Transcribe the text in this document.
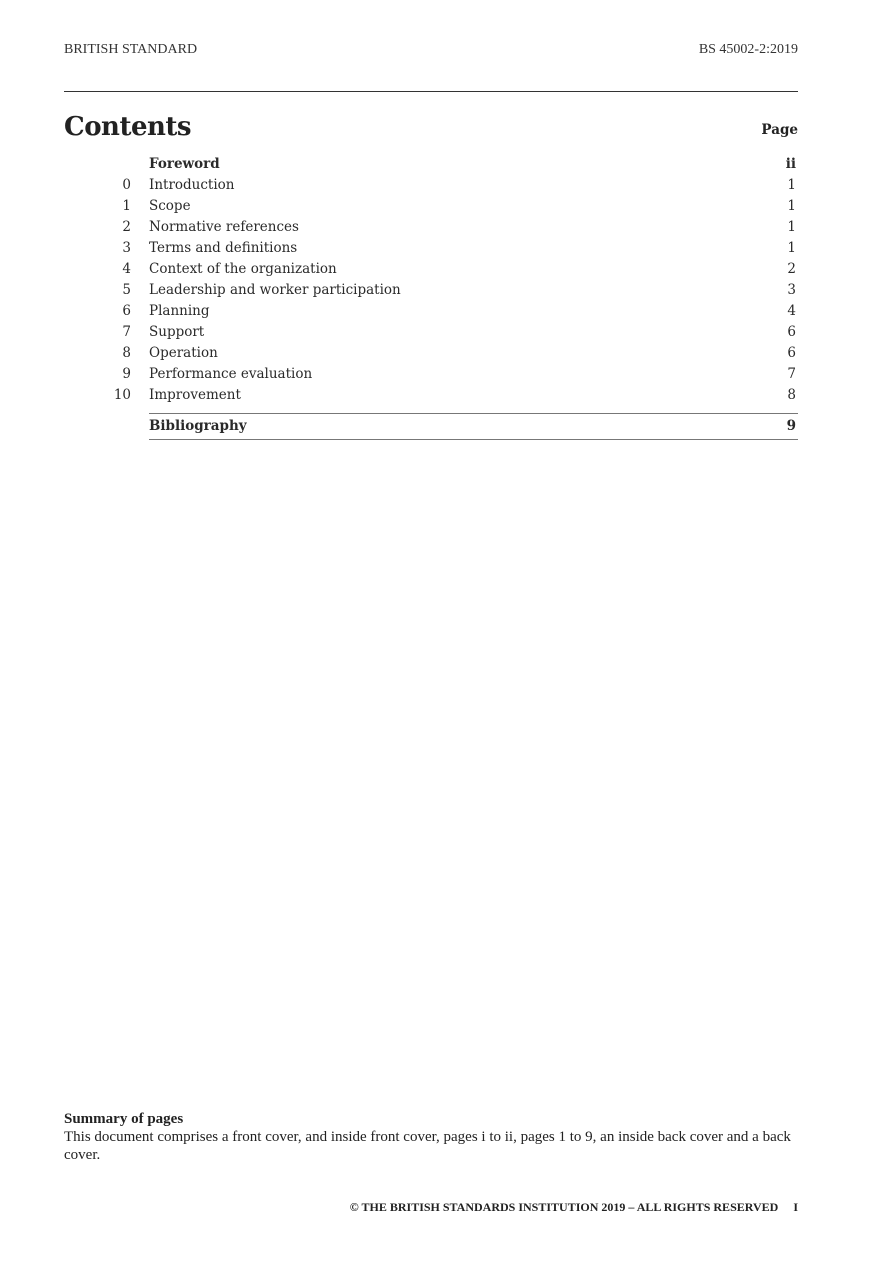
BRITISH STANDARD	BS 45002-2:2019
Contents	Page
Foreword	ii
0 Introduction	1
1 Scope	1
2 Normative references	1
3 Terms and definitions	1
4 Context of the organization	2
5 Leadership and worker participation	3
6 Planning	4
7 Support	6
8 Operation	6
9 Performance evaluation	7
10 Improvement	8
Bibliography	9
Summary of pages
This document comprises a front cover, and inside front cover, pages i to ii, pages 1 to 9, an inside back cover and a back cover.
© THE BRITISH STANDARDS INSTITUTION 2019 – ALL RIGHTS RESERVED I
